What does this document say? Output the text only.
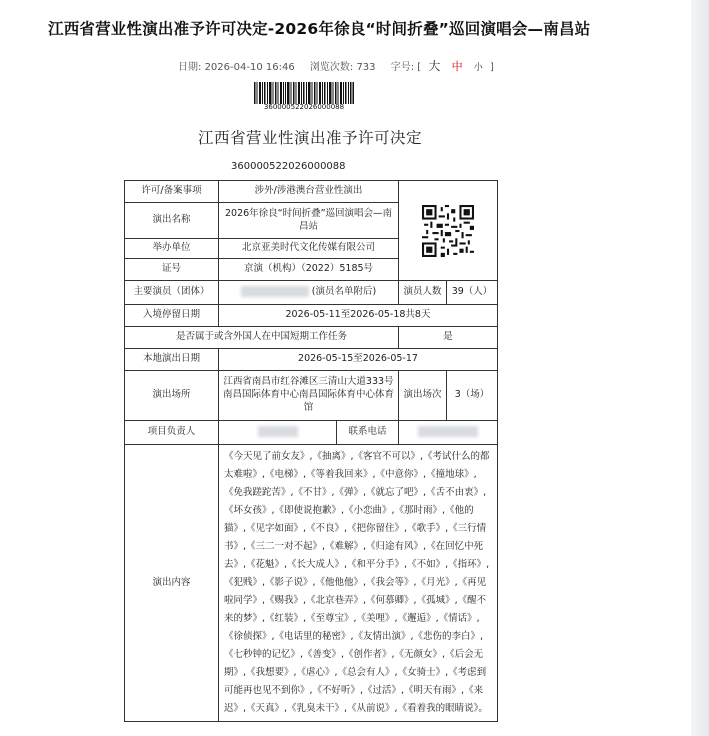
江西省营业性演出准予许可决定-2026年徐良“时间折叠”巡回演唱会—南昌站
日期: 2026-04-10 16:46 浏览次数: 733 字号: [ 大 中 小 ]
360000522026000088
江西省营业性演出准予许可决定
360000522026000088
许可/备案事项	涉外/涉港澳台营业性演出	

演出名称	2026年徐良“时间折叠”巡回演唱会—南昌站			
举办单位	北京亚美时代文化传媒有限公司			
证号	京演（机构）（2022）5185号			
主要演员（团体）	(演员名单附后)		演员人数	39（人）
入境停留日期	2026-05-11至2026-05-18共8天			
是否属于或含外国人在中国短期工作任务			是	
本地演出日期	2026-05-15至2026-05-17			
演出场所	江西省南昌市红谷滩区三清山大道333号南昌国际体育中心南昌国际体育中心体育馆		演出场次	3（场）
项目负责人		联系电话		
演出内容	《今天见了前女友》,《抽离》,《客官不可以》,《考试什么的都太难啦》,《电梯》,《等着我回来》,《中意你》,《撞地球》,《免我蹉跎苦》,《不甘》,《弹》,《就忘了吧》,《舌不由衷》,《坏女孩》,《即使说抱歉》,《小恋曲》,《那时雨》,《他的猫》,《见字如面》,《不良》,《把你留住》,《歌手》,《三行情书》,《三二一对不起》,《难解》,《归途有风》,《在回忆中死去》,《花魁》,《长大成人》,《和平分手》,《不如》,《指环》,《犯贱》,《影子说》,《他他他》,《我会等》,《月光》,《再见啦同学》,《赐我》,《北京巷弄》,《何慕卿》,《孤城》,《醒不来的梦》,《红装》,《至尊宝》,《美哩》,《邂逅》,《情话》,《徐侦探》,《电话里的秘密》,《友情出演》,《悲伤的李白》,《七秒钟的记忆》,《善变》,《创作者》,《无颜女》,《后会无期》,《我想要》,《虐心》,《总会有人》,《女骑士》,《考虑到可能再也见不到你》,《不好听》,《过活》,《明天有雨》,《来迟》,《天真》,《乳臭未干》,《从前说》,《看着我的眼睛说》。			
